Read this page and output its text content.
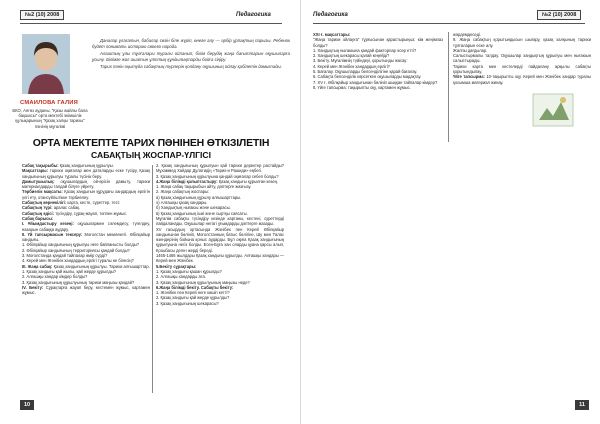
№2 (10) 2008	Педагогика
СМАИЛОВА ГАЛИЯ
БКО, Аягөз ауданы, "Қазы жайлы бала бақшасы" орта мектебі әкімшілік құлықарының "Қазақ халқы тарихы" пәнінің мұғалімі

Даналар ұлағатын, бабалар сөзін біле жүріп, өнеге алу — әрбір ұрпақтың парызы. Ребенок будет понимать историю своего народа.

Алаштың ұлы тұлғалары туралы ойланып, білім берудің жаңа бағыттарын оқушыларға ұсыну. Білімге жол ашатын ұлттық құндылықтарды бойға сіңіру.

Тарих пәнін оқытуда сабақтың түрлерін қолдану оқушының ойлау қабілетін дамытады.

ОРТА МЕКТЕПТЕ ТАРИХ ПӘНІНЕН ӨТКІЗІЛЕТІН
САБАҚТЫҢ ЖОСПАР-ҮЛГІСІ
Сабақ тақырыбы: Қазақ хандығының құрылуы.
Мақсаттары: тарихи оқиғалар мен даталарды еске түсіру, Қазақ хандығының құрылуы туралы түсінік беру.
Дамытушылық: оқушылардың ой-өрісін дамыту, тарихи материалдарды талдай білуге үйрету.
Тәрбиелік мақсаты: Қазақ хандығын құрудағы хандардың ерлігін үлгі ету, отансүйгіштікке тәрбиелеу.
Сабақтың көрнекілігі: карта, кесте, суреттер, тест.
Сабақтың түрі: аралас сабақ.
Сабақтың әдісі: түсіндіру, сұрақ-жауап, топпен жұмыс.
Сабақ барысы:
І. Ұйымдастыру кезеңі: оқушылармен сәлемдесу, түгелдеу, назарын сабаққа аудару.
ІІ. Үй тапсырмасын тексеру: Моғолстан мемлекеті. Әбілқайыр хандығы.
1. Әбілқайыр хандығының құрылуы неге байланысты болды?
2. Әбілқайыр хандығының территориясы қандай болды?
3. Моғолстанда қандай тайпалар өмір сүрді?
4. Керей мен Жәнібек хандардың ерлігі туралы не білесің?
ІІІ. Жаңа сабақ: Қазақ хандығының құрылуы. Тарихи алғышарттар.
1. Қазақ хандығы қай жылы, қай жерде құрылды?
2. Алғашқы хандар кімдер болды?
3. Қазақ хандығының құрылуының тарихи маңызы қандай?
ІV. Бекіту: Сұрақтарға жауап беру, кестемен жұмыс, картамен жұмыс.
2. Қазақ хандығының құрылуын қай тарихи деректер растайды? Мұхаммед Хайдар Дулатидің «Тарих-и Рашиди» еңбегі.
3. Қазақ хандығының құрылуына қандай оқиғалар себеп болды?
4.Жаңа білімді қалыптастыру: Қазақ хандығы құрылған кезең.
1. Жаңа сабақ тақырыбын айту, дәптерге жазғызу.
2. Жаңа сабақтың жоспары:
а) Қазақ хандығының құрылу алғышарттары.
ә) Алғашқы қазақ хандары.
б) Хандықтың нығаюы және шекарасы.
в) Қазақ хандығының ішкі және сыртқы саясаты.
Мұғалім сабақты түсіндіру кезінде картаны, кестені, суреттерді пайдаланады. Оқушылар негізгі ұғымдарды дәптерге жазады.
XV ғасырдың ортасында Жәнібек пен Керей Әбілқайыр хандығынан бөлініп, Моғолстанның батыс бөлігіне, Шу мен Талас өзендерінің бойына қоныс аударды. Бұл оқиға Қазақ хандығының құрылуына негіз болды. Есен-Бұға хан оларды қуана қарсы алып, Қозыбасы деген жерді береді.
1465-1466 жылдары Қазақ хандығы құрылды. Алғашқы хандары — Керей мен Жәнібек.
5.Бекіту сұрақтары:
1. Қазақ хандығы қашан құрылды?
2. Алғашқы хандарды ата.
3. Қазақ хандығының құрылуының маңызы неде?
6.Жаңа білімді бекіту. Сабақты бекіту:
1. Жәнібек пен Керей неге көшіп кетті?
2. Қазақ хандығы қай жерде құрылды?
3. Қазақ хандығының шекарасы?
10
Педагогика	№2 (10) 2008
ХХІ ғ. мақсаттары:
"Жаңа тарихи ойлауға" тұрғысынан қарастырыңыз: кім жеңімпаз болды?
1. Хандықтың нығаюына қандай факторлар әсер етті?
2. Хандықтың шекарасы қалай кеңейді?
3. Бекіту. Мұғалімнің түйіндеуі, қорытынды жасау:
4. Керей мен Жәнібек хандардың ерлігі?
5. Бағалау. Оқушыларды белсенділігіне қарай бағалау.
6. Сабақта белсенділік көрсеткен оқушыларды мадақтау.
7. ХV ғ. Әбілқайыр хандығынан бөлініп шыққан тайпалар кімдер?
8. Үйге тапсырма: тақырыпты оқу, картамен жұмыс.
жәрдемдеседі.
9. Жаңа сабақтың қорытындысын шығару, қазақ халқының тарихи тұлғаларын еске алу.
Жалпы дағдылар.
Салыстырмалы талдау. Оқушылар хандықтың құрылуы мен нығаюын салыстырады.
Тарихи карта мен кестелерді пайдалану арқылы сабақты қорытындылау.
Үйге тапсырма: 10-тақырыпты оқу. Керей мен Жәнібек хандар туралы қосымша материал жинау.
11
